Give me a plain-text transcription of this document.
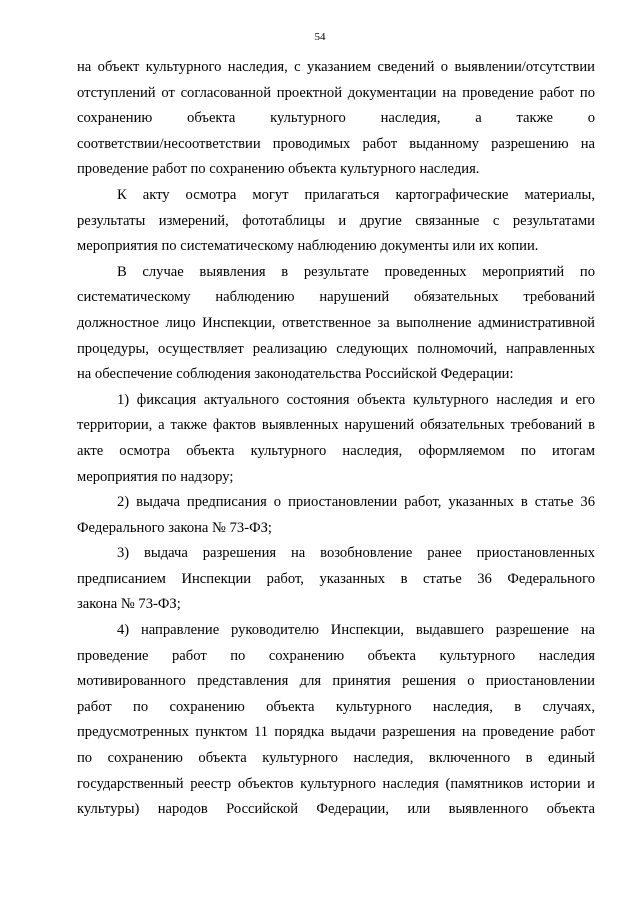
54

на объект культурного наследия, с указанием сведений о выявлении/отсутствии
отступлений от согласованной проектной документации на проведение работ по
сохранению объекта культурного наследия, а также о
соответствии/несоответствии проводимых работ выданному разрешению на
проведение работ по сохранению объекта культурного наследия.

К акту осмотра могут прилагаться картографические материалы,
результаты измерений, фототаблицы и другие связанные с результатами
мероприятия по систематическому наблюдению документы или их копии.

В случае выявления в результате проведенных мероприятий по
систематическому наблюдению нарушений обязательных требований
должностное лицо Инспекции, ответственное за выполнение административной
процедуры, осуществляет реализацию следующих полномочий, направленных
на обеспечение соблюдения законодательства Российской Федерации:

1) фиксация актуального состояния объекта культурного наследия и его
территории, а также фактов выявленных нарушений обязательных требований в
акте осмотра объекта культурного наследия, оформляемом по итогам
мероприятия по надзору;

2) выдача предписания о приостановлении работ, указанных в статье 36
Федерального закона № 73-ФЗ;

3) выдача разрешения на возобновление ранее приостановленных
предписанием Инспекции работ, указанных в статье 36 Федерального
закона № 73-ФЗ;

4) направление руководителю Инспекции, выдавшего разрешение на
проведение работ по сохранению объекта культурного наследия
мотивированного представления для принятия решения о приостановлении
работ по сохранению объекта культурного наследия, в случаях,
предусмотренных пунктом 11 порядка выдачи разрешения на проведение работ
по сохранению объекта культурного наследия, включенного в единый
государственный реестр объектов культурного наследия (памятников истории и
культуры) народов Российской Федерации, или выявленного объекта
